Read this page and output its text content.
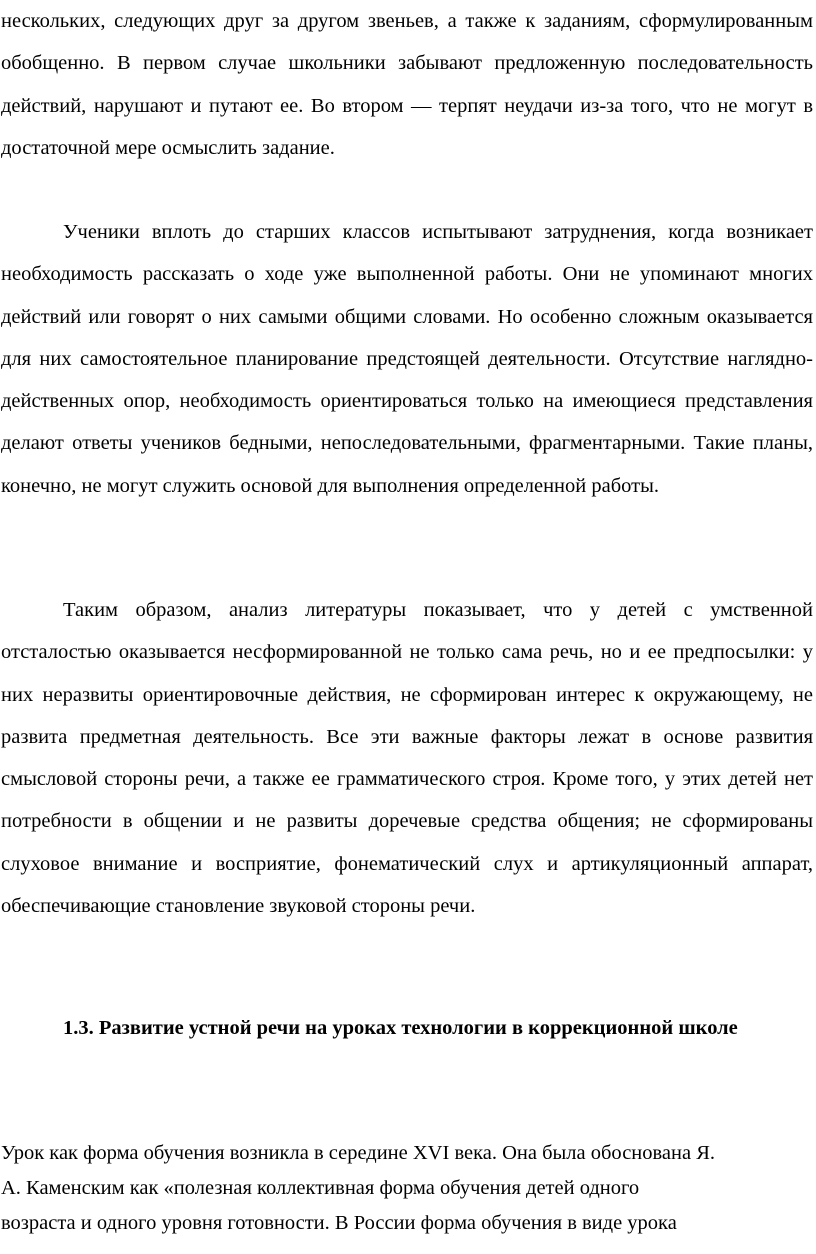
нескольких, следующих друг за другом звеньев, а также к заданиям, сформулированным обобщенно. В первом случае школьники забывают предложенную последовательность действий, нарушают и путают ее. Во втором — терпят неудачи из-за того, что не могут в достаточной мере осмыслить задание.

Ученики вплоть до старших классов испытывают затруднения, когда возникает необходимость рассказать о ходе уже выполненной работы. Они не упоминают многих действий или говорят о них самыми общими словами. Но особенно сложным оказывается для них самостоятельное планирование предстоящей деятельности. Отсутствие наглядно-действенных опор, необходимость ориентироваться только на имеющиеся представления делают ответы учеников бедными, непоследовательными, фрагментарными. Такие планы, конечно, не могут служить основой для выполнения определенной работы.

Таким образом, анализ литературы показывает, что у детей с умственной отсталостью оказывается несформированной не только сама речь, но и ее предпосылки: у них неразвиты ориентировочные действия, не сформирован интерес к окружающему, не развита предметная деятельность. Все эти важные факторы лежат в основе развития смысловой стороны речи, а также ее грамматического строя. Кроме того, у этих детей нет потребности в общении и не развиты доречевые средства общения; не сформированы слуховое внимание и восприятие, фонематический слух и артикуляционный аппарат, обеспечивающие становление звуковой стороны речи.

1.3. Развитие устной речи на уроках технологии в коррекционной школе
Урок как форма обучения возникла в середине XVI века. Она была обоснована Я.
А. Каменским как «полезная коллективная форма обучения детей одного
возраста и одного уровня готовности. В России форма обучения в виде урока
